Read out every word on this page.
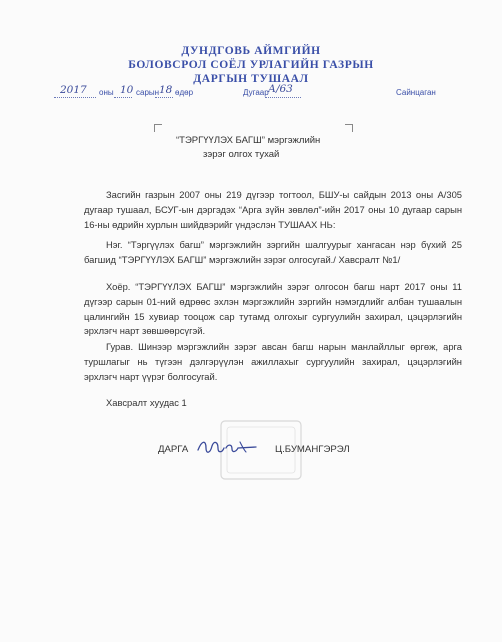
ДУНДГОВЬ АЙМГИЙН
БОЛОВСРОЛ СОЁЛ УРЛАГИЙН ГАЗРЫН
ДАРГЫН ТУШААЛ
2017 оны 10 сарын 18 өдөр	Дугаар А/63	Сайнцаган
“ТЭРГҮҮЛЭХ БАГШ” мэргэжлийн
зэрэг олгох тухай

Засгийн газрын 2007 оны 219 дүгээр тогтоол, БШУ-ы сайдын 2013 оны А/305 дугаар тушаал, БСУГ-ын дэргэдэх “Арга зүйн зөвлөл”-ийн 2017 оны 10 дугаар сарын 16-ны өдрийн хурлын шийдвэрийг үндэслэн ТУШААХ НЬ:

Нэг. “Тэргүүлэх багш” мэргэжлийн зэргийн шалгуурыг хангасан нэр бүхий 25 багшид “ТЭРГҮҮЛЭХ БАГШ” мэргэжлийн зэрэг олгосугай./ Хавсралт №1/

Хоёр. “ТЭРГҮҮЛЭХ БАГШ” мэргэжлийн зэрэг олгосон багш нарт 2017 оны 11 дүгээр сарын 01-ний өдрөөс эхлэн мэргэжлийн зэргийн нэмэгдлийг албан тушаалын цалингийн 15 хувиар тооцож сар тутамд олгохыг сургуулийн захирал, цэцэрлэгийн эрхлэгч нарт зөвшөөрсүгэй.

Гурав. Шинээр мэргэжлийн зэрэг авсан багш нарын манлайллыг өргөж, арга туршлагыг нь түгээн дэлгэрүүлэн ажиллахыг сургуулийн захирал, цэцэрлэгийн эрхлэгч нарт үүрэг болгосугай.

Хавсралт хуудас 1

ДАРГА	Ц.БУМАНГЭРЭЛ
